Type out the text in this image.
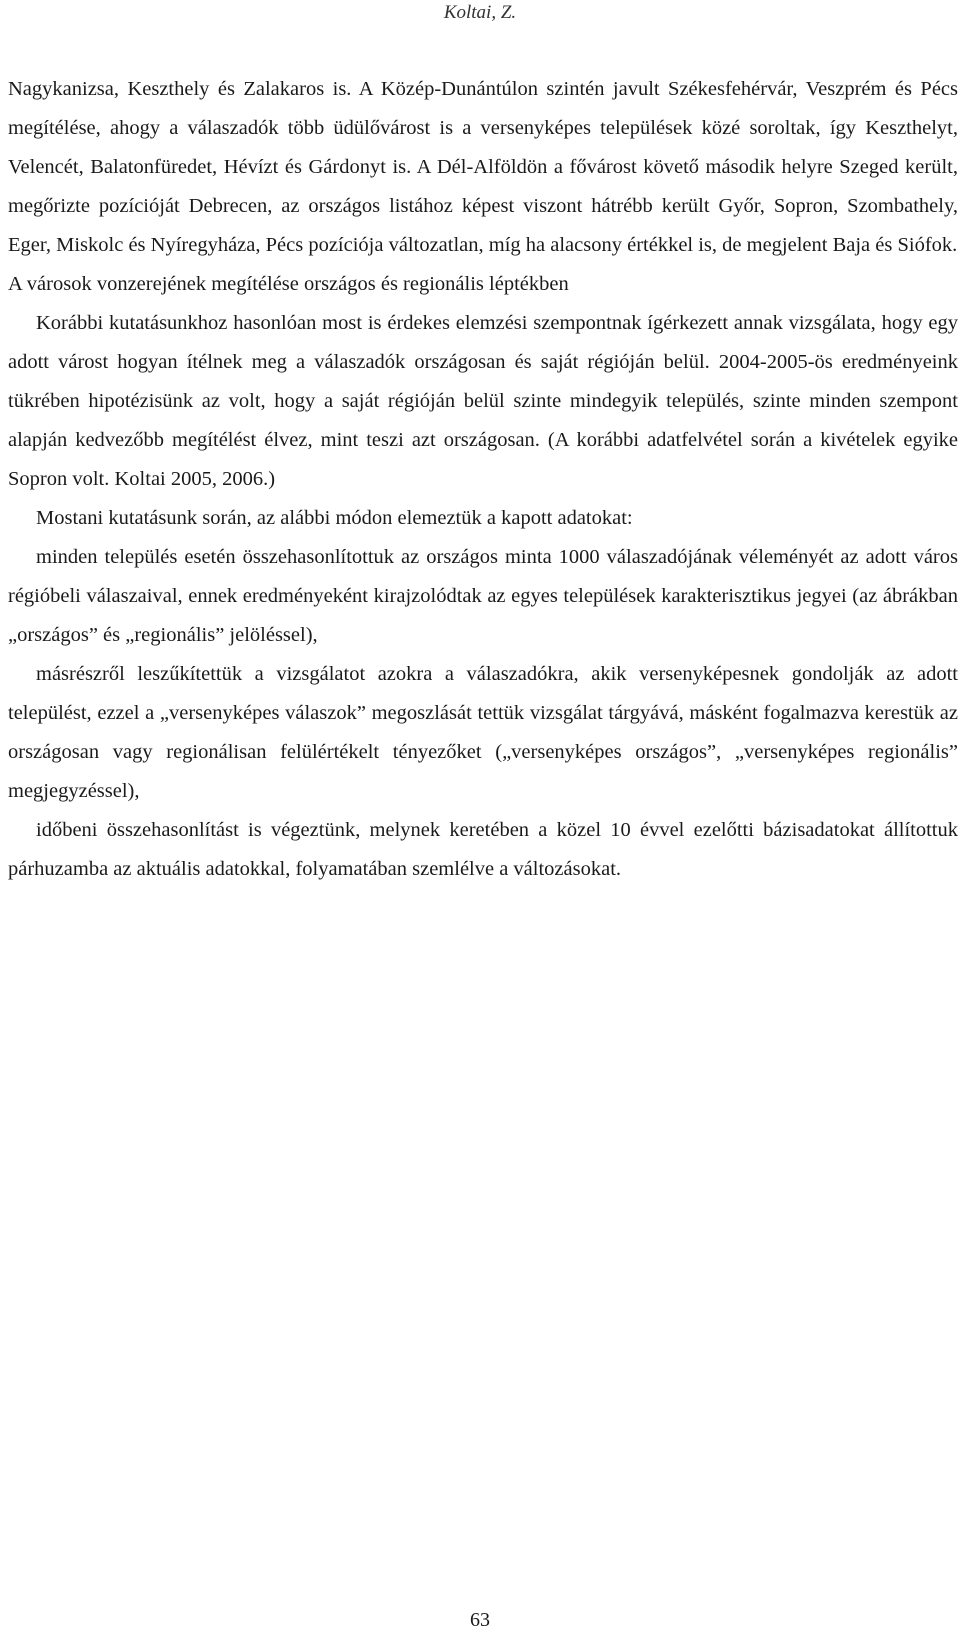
Koltai, Z.

Nagykanizsa, Keszthely és Zalakaros is. A Közép-Dunántúlon szintén javult Székesfehérvár, Veszprém és Pécs megítélése, ahogy a válaszadók több üdülővárost is a versenyképes települések közé soroltak, így Keszthelyt, Velencét, Balatonfüredet, Hévízt és Gárdonyt is. A Dél-Alföldön a fővárost követő második helyre Szeged került, megőrizte pozícióját Debrecen, az országos listához képest viszont hátrébb került Győr, Sopron, Szombathely, Eger, Miskolc és Nyíregyháza, Pécs pozíciója változatlan, míg ha alacsony értékkel is, de megjelent Baja és Siófok.

A városok vonzerejének megítélése országos és regionális léptékben

Korábbi kutatásunkhoz hasonlóan most is érdekes elemzési szempontnak ígérkezett annak vizsgálata, hogy egy adott várost hogyan ítélnek meg a válaszadók országosan és saját régióján belül. 2004-2005-ös eredményeink tükrében hipotézisünk az volt, hogy a saját régióján belül szinte mindegyik település, szinte minden szempont alapján kedvezőbb megítélést élvez, mint teszi azt országosan. (A korábbi adatfelvétel során a kivételek egyike Sopron volt. Koltai 2005, 2006.)

Mostani kutatásunk során, az alábbi módon elemeztük a kapott adatokat:

minden település esetén összehasonlítottuk az országos minta 1000 válaszadójának véleményét az adott város régióbeli válaszaival, ennek eredményeként kirajzolódtak az egyes települések karakterisztikus jegyei (az ábrákban „országos” és „regionális” jelöléssel),

másrészről leszűkítettük a vizsgálatot azokra a válaszadókra, akik versenyképesnek gondolják az adott települést, ezzel a „versenyképes válaszok” megoszlását tettük vizsgálat tárgyává, másként fogalmazva kerestük az országosan vagy regionálisan felülértékelt tényezőket („versenyképes országos”, „versenyképes regionális” megjegyzéssel),

időbeni összehasonlítást is végeztünk, melynek keretében a közel 10 évvel ezelőtti bázisadatokat állítottuk párhuzamba az aktuális adatokkal, folyamatában szemlélve a változásokat.

63
